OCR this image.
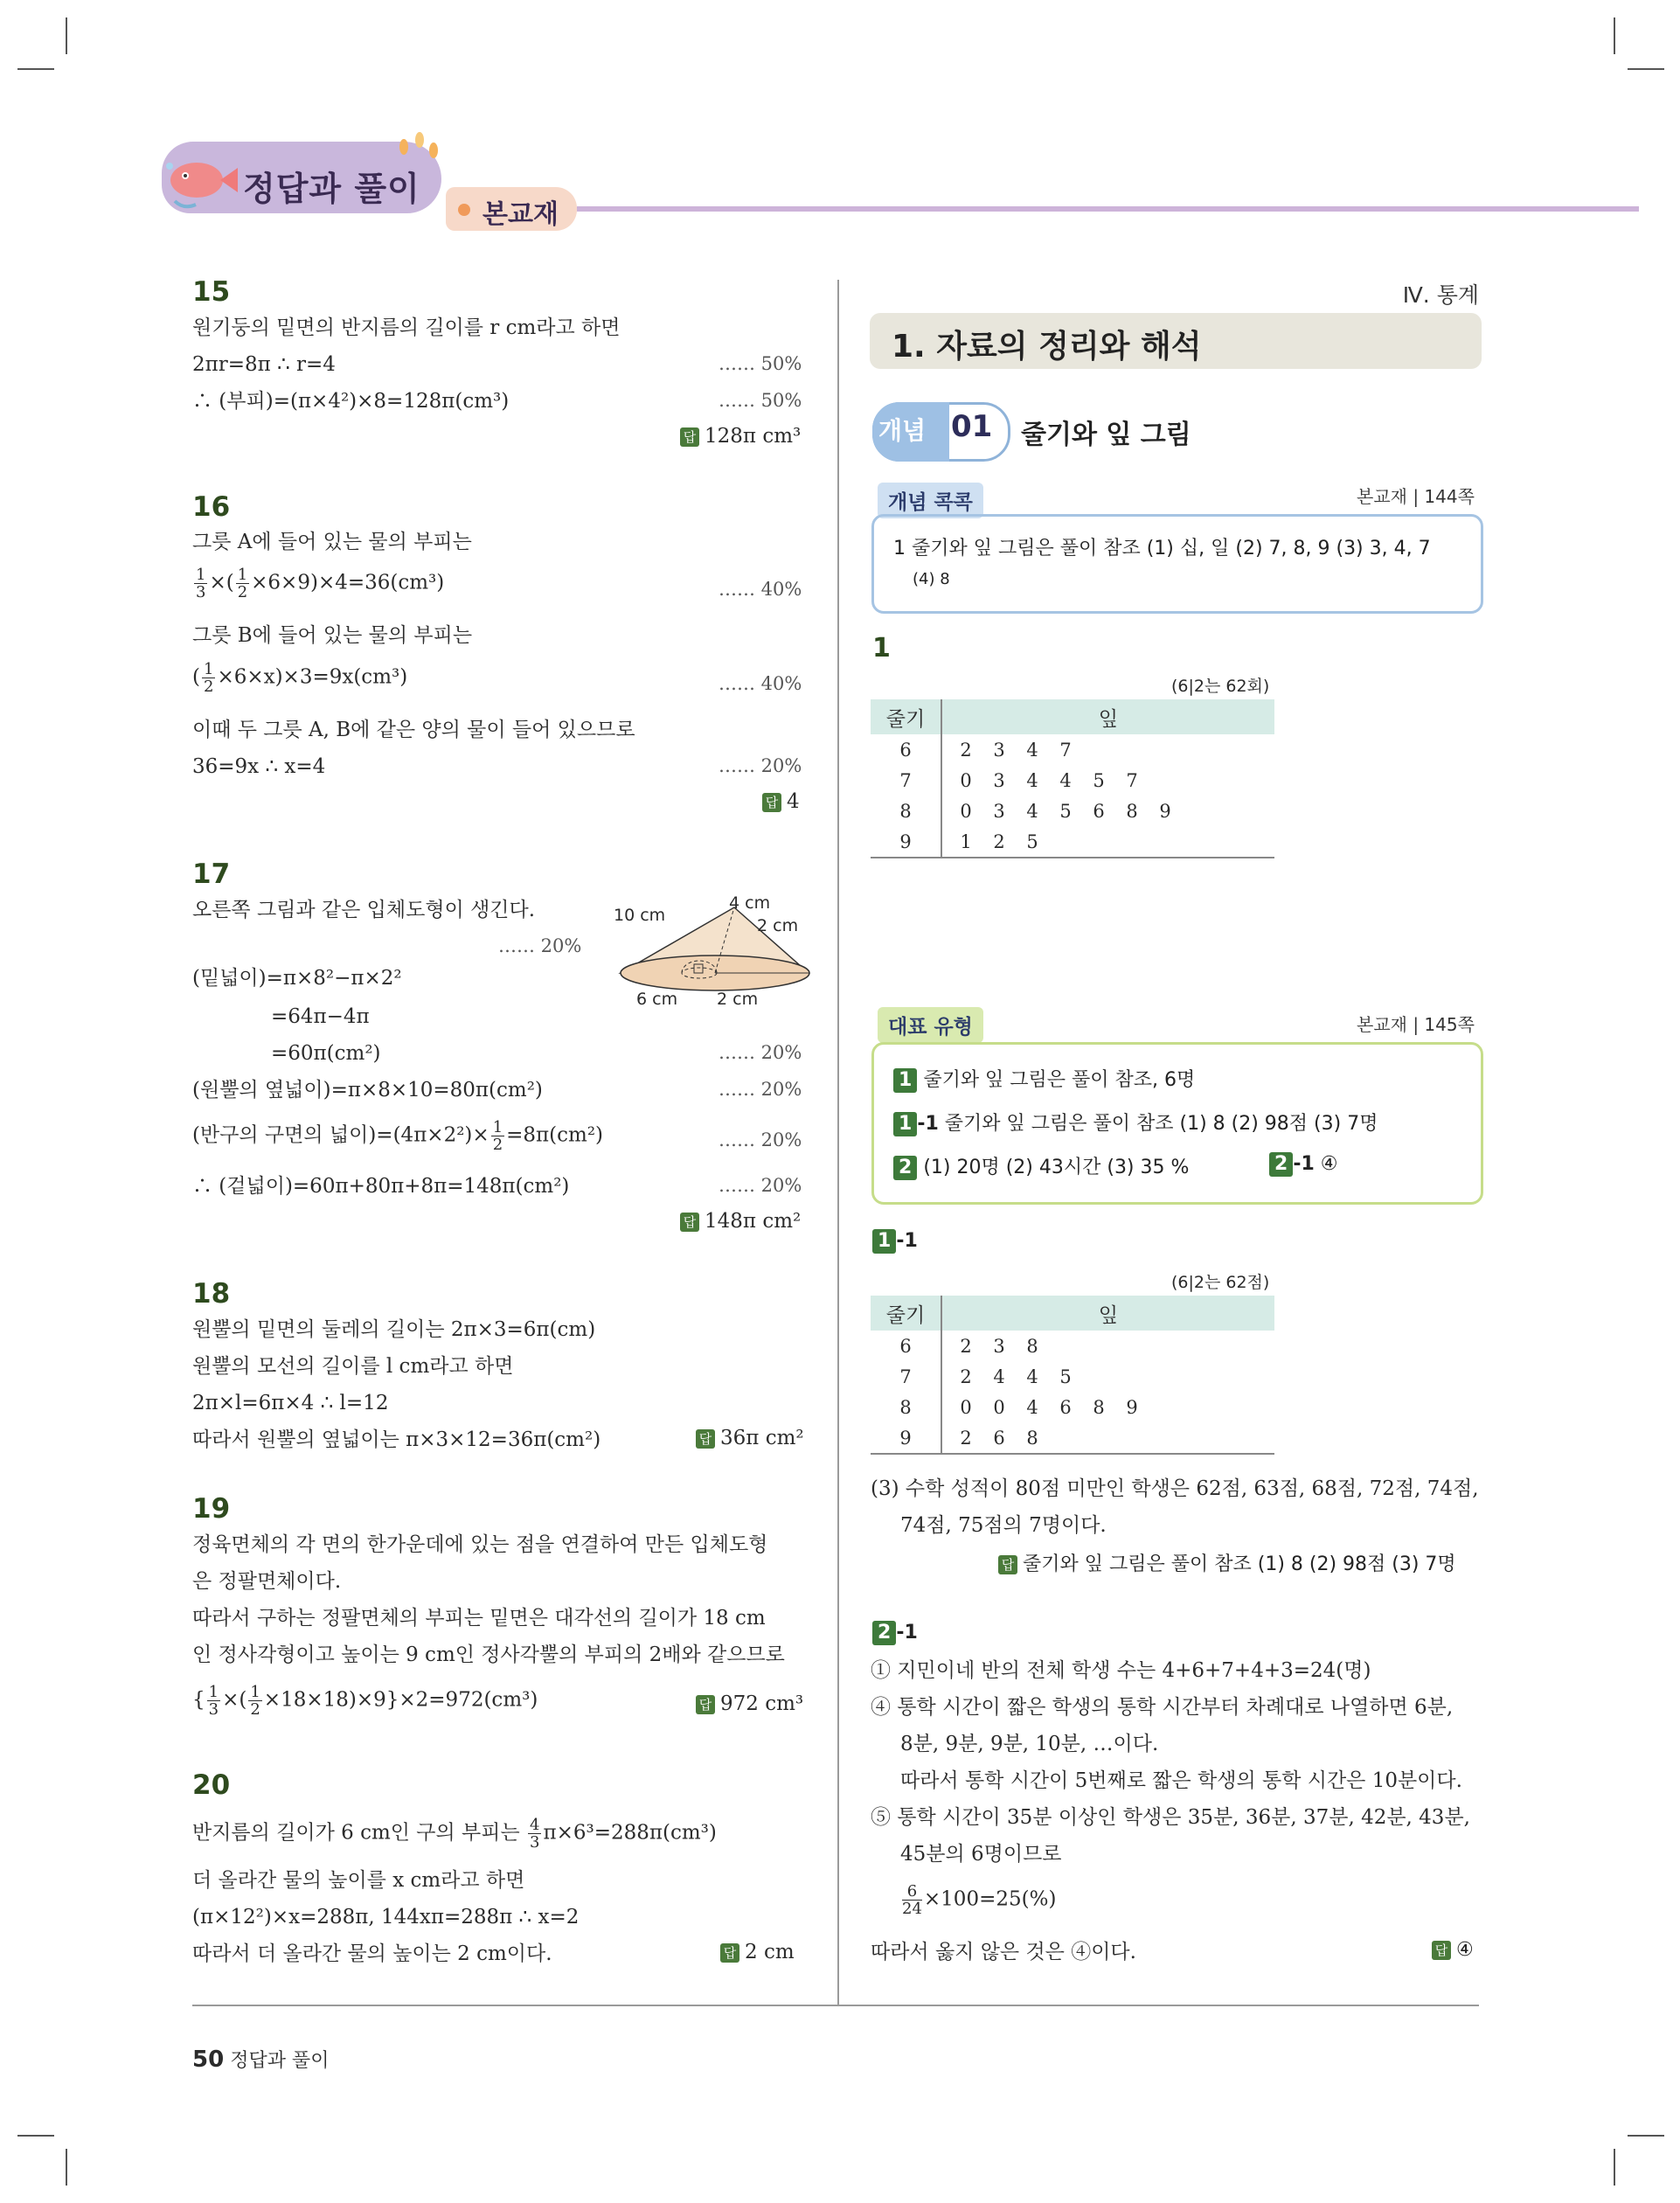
정답과 풀이
본교재
15
원기둥의 밑면의 반지름의 길이를 r cm라고 하면
2πr=8π ∴ r=4	…… 50%
∴ (부피)=(π×4²)×8=128π(cm³)	…… 50%
답 128π cm³
16
그릇 A에 들어 있는 물의 부피는
$\frac{1}{3}$ ×( $\frac{1}{2} \times 6\times 9)\times 4=36(cm^3)$	…… 40%
그릇 B에 들어 있는 물의 부피는
( $\frac{1}{2} \times 6\times x)\times 3=9x(cm^3)$	…… 40%
이때 두 그릇 A, B에 같은 양의 물이 들어 있으므로
36=9x ∴ x=4	…… 20%
답 4
17
오른쪽 그림과 같은 입체도형이 생긴다.
…… 20%
10 cm
4 cm
2 cm
6 cm 2 cm
(밑넓이)=π×8²−π×2²
=64π−4π
=60π(cm²)	…… 20%
(원뿔의 옆넓이)=π×8×10=80π(cm²)	…… 20%
(반구의 구면의 넓이)$=(4\pi\times 2^2)\times \frac{1}{2} =8\pi(cm^2)$	…… 20%
∴ (겉넓이)=60π+80π+8π=148π(cm²)	…… 20%
답 148π cm²
18
원뿔의 밑면의 둘레의 길이는 2π×3=6π(cm)
원뿔의 모선의 길이를 l cm라고 하면
2π×l=6π×4 ∴ l=12
따라서 원뿔의 옆넓이는 π×3×12=36π(cm²)	답 36π cm²
19
정육면체의 각 면의 한가운데에 있는 점을 연결하여 만든 입체도형
은 정팔면체이다.
따라서 구하는 정팔면체의 부피는 밑면은 대각선의 길이가 18 cm
인 정사각형이고 높이는 9 cm인 정사각뿔의 부피의 2배와 같으므로
{ $\frac{1}{3}$ ×( $\frac{1}{2} \times 18\times 18)\times 9\}\times 2=972(cm^3)$	답 972 cm³
20
반지름의 길이가 6 cm인 구의 부피는 $\frac{4}{3} \pi\times 6^3=288\pi(cm^3)$
더 올라간 물의 높이를 x cm라고 하면
(π×12²)×x=288π, 144xπ=288π ∴ x=2
따라서 더 올라간 물의 높이는 2 cm이다.	답 2 cm
Ⅳ. 통계
1. 자료의 정리와 해석
개념 01 줄기와 잎 그림
개념 콕콕	본교재 | 144쪽
1 줄기와 잎 그림은 풀이 참조 (1) 십, 일 (2) 7, 8, 9 (3) 3, 4, 7
(4) 8
1
(6|2는 62회)
줄기	잎
6	2 3 4 7
7	0 3 4 4 5 7
8	0 3 4 5 6 8 9
9	1 2 5
대표 유형	본교재 | 145쪽
1 줄기와 잎 그림은 풀이 참조, 6명
1 -1 줄기와 잎 그림은 풀이 참조 (1) 8 (2) 98점 (3) 7명
2 (1) 20명 (2) 43시간 (3) 35 %	2 -1 ④
1 -1
(6|2는 62점)
줄기	잎
6	2 3 8
7	2 4 4 5
8	0 0 4 6 8 9
9	2 6 8
(3) 수학 성적이 80점 미만인 학생은 62점, 63점, 68점, 72점, 74점,
74점, 75점의 7명이다.
답 줄기와 잎 그림은 풀이 참조 (1) 8 (2) 98점 (3) 7명
2 -1
① 지민이네 반의 전체 학생 수는 4+6+7+4+3=24(명)
④ 통학 시간이 짧은 학생의 통학 시간부터 차례대로 나열하면 6분,
8분, 9분, 9분, 10분, …이다.
따라서 통학 시간이 5번째로 짧은 학생의 통학 시간은 10분이다.
⑤ 통학 시간이 35분 이상인 학생은 35분, 36분, 37분, 42분, 43분,
45분의 6명이므로
$\frac{6}{24} \times 100=25(\%)$
따라서 옳지 않은 것은 ④이다.	답 ④
50 정답과 풀이
